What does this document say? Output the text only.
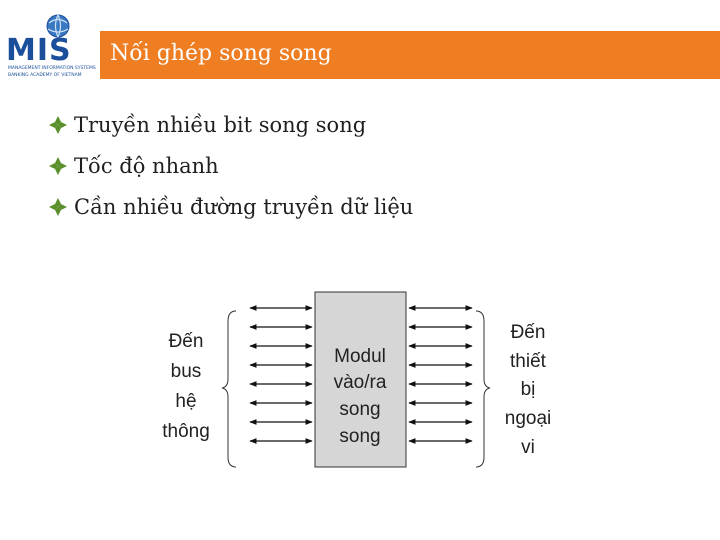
MIS
MANAGEMENT INFORMATION SYSTEMS
BANKING ACADEMY OF VIETNAM
Nối ghép song song
Truyền nhiều bit song song
Tốc độ nhanh
Cần nhiều đường truyền dữ liệu
Đến
bus
hệ
thông
Modul
vào/ra
song
song
Đến
thiết
bị
ngoại
vi
